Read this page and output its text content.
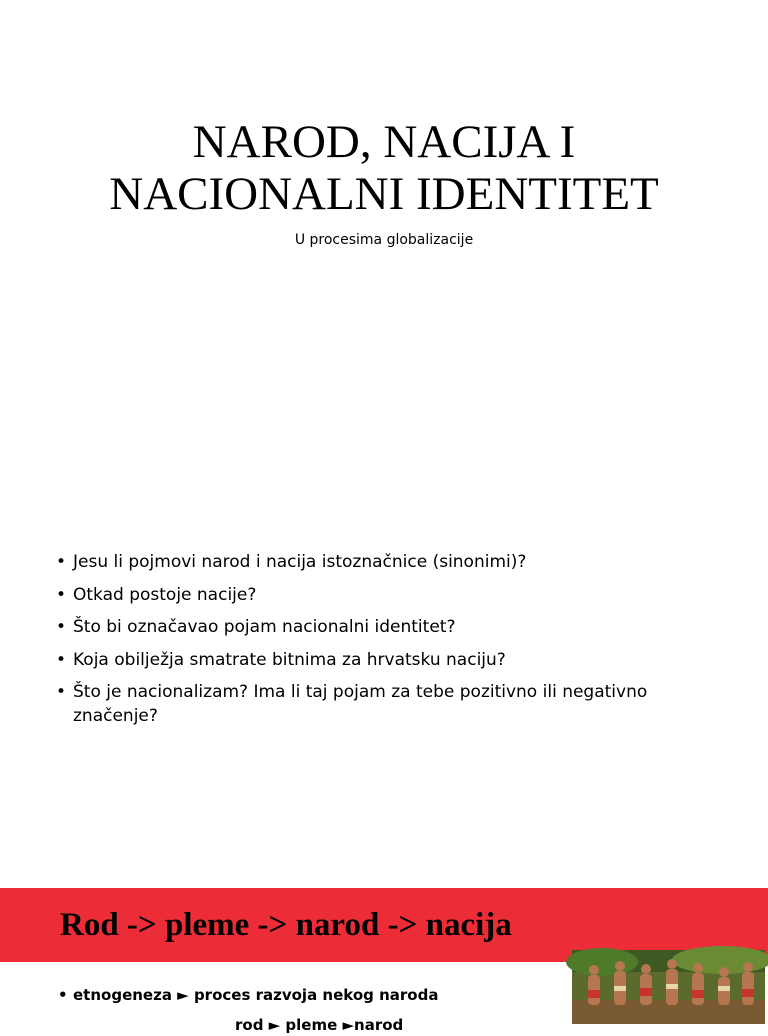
NAROD, NACIJA I
NACIONALNI IDENTITET
U procesima globalizacije
• Jesu li pojmovi narod i nacija istoznačnice (sinonimi)?
• Otkad postoje nacije?
• Što bi označavao pojam nacionalni identitet?
• Koja obilježja smatrate bitnima za hrvatsku naciju?
• Što je nacionalizam? Ima li taj pojam za tebe pozitivno ili negativno značenje?
Rod -> pleme -> narod -> nacija
• etnogeneza ► proces razvoja nekog naroda
rod ► pleme ►narod
